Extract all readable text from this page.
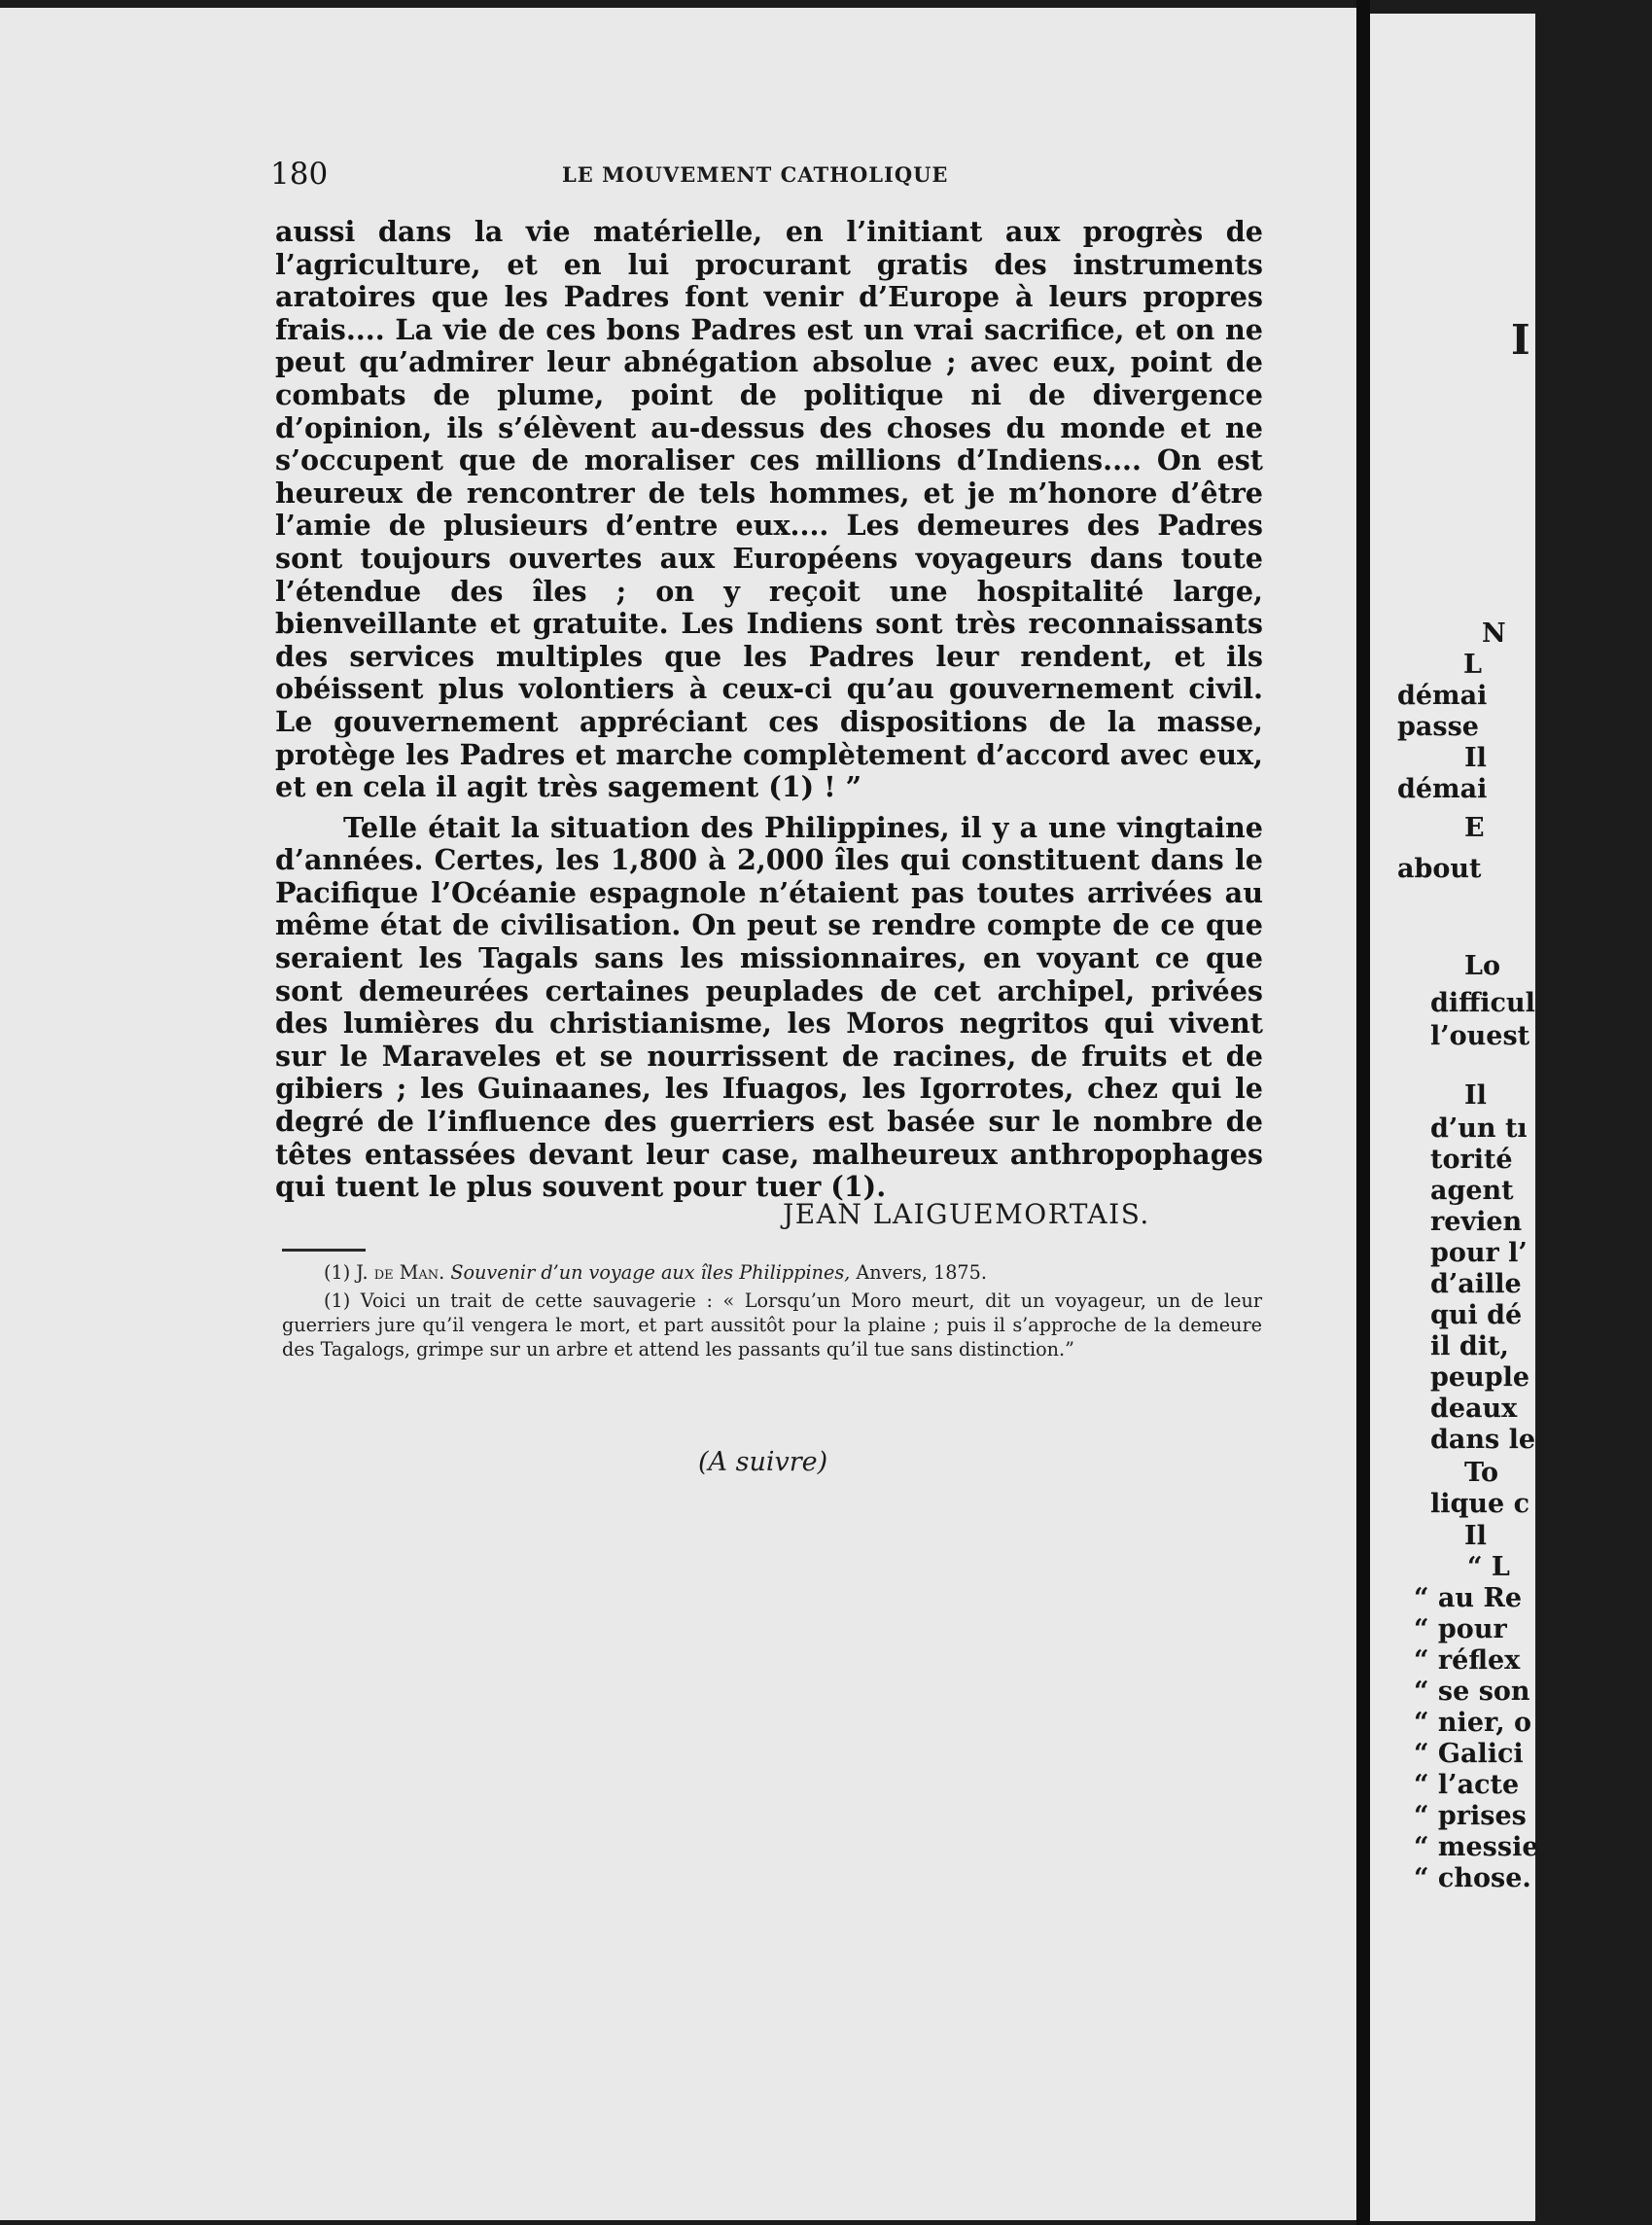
180	LE MOUVEMENT CATHOLIQUE

aussi dans la vie matérielle, en l’initiant aux progrès de l’agriculture, et en lui procurant gratis des instruments aratoires que les Padres font venir d’Europe à leurs propres frais.... La vie de ces bons Padres est un vrai sacrifice, et on ne peut qu’admirer leur abnégation absolue ; avec eux, point de combats de plume, point de politique ni de divergence d’opinion, ils s’élèvent au-dessus des choses du monde et ne s’occupent que de moraliser ces millions d’Indiens.... On est heureux de rencontrer de tels hommes, et je m’honore d’être l’amie de plusieurs d’entre eux.... Les demeures des Padres sont toujours ouvertes aux Européens voyageurs dans toute l’étendue des îles ; on y reçoit une hospitalité large, bienveillante et gratuite. Les Indiens sont très reconnaissants des services multiples que les Padres leur rendent, et ils obéissent plus volontiers à ceux-ci qu’au gouvernement civil. Le gouvernement appréciant ces dispositions de la masse, protège les Padres et marche complètement d’accord avec eux, et en cela il agit très sagement (1) ! ”

Telle était la situation des Philippines, il y a une vingtaine d’années. Certes, les 1,800 à 2,000 îles qui constituent dans le Pacifique l’Océanie espagnole n’étaient pas toutes arrivées au même état de civilisation. On peut se rendre compte de ce que seraient les Tagals sans les missionnaires, en voyant ce que sont demeurées certaines peuplades de cet archipel, privées des lumières du christianisme, les Moros negritos qui vivent sur le Maraveles et se nourrissent de racines, de fruits et de gibiers ; les Guinaanes, les Ifuagos, les Igorrotes, chez qui le degré de l’influence des guerriers est basée sur le nombre de têtes entassées devant leur case, malheureux anthropophages qui tuent le plus souvent pour tuer (1).

JEAN LAIGUEMORTAIS.

(1) J. de Man. Souvenir d’un voyage aux îles Philippines, Anvers, 1875.

(1) Voici un trait de cette sauvagerie : « Lorsqu’un Moro meurt, dit un voyageur, un de leur guerriers jure qu’il vengera le mort, et part aussitôt pour la plaine ; puis il s’approche de la demeure des Tagalogs, grimpe sur un arbre et attend les passants qu’il tue sans distinction.”

(A suivre)
I
N
L
démai
passe
Il
démai
E
about
Lo
difficul
l’ouest
Il
d’un tı
torité
agent
revien
pour l’
d’aille
qui dé
il dit,
peuple
deaux
dans le
To
lique c
Il
“ L
“ au Re
“ pour
“ réflex
“ se son
“ nier, o
“ Galici
“ l’acte
“ prises
“ messie
“ chose.
